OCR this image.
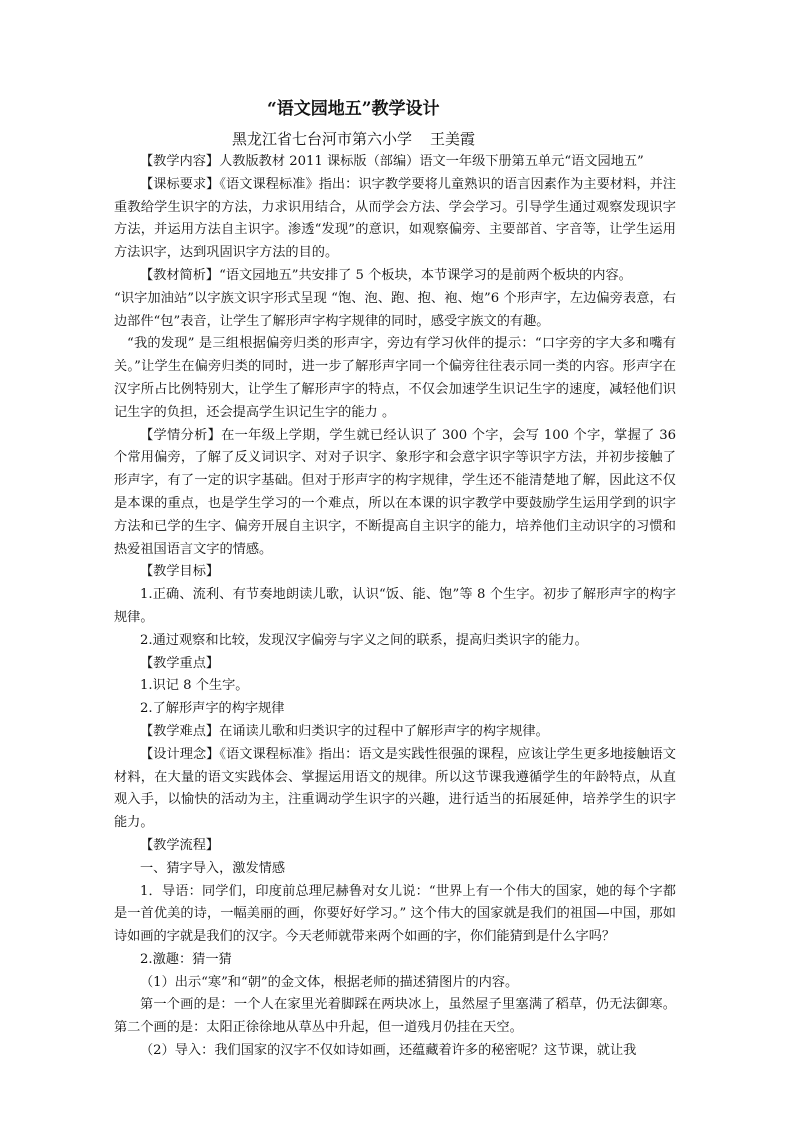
“语文园地五”教学设计
黑龙江省七台河市第六小学 王美霞

【教学内容】人教版教材 2011 课标版（部编）语文一年级下册第五单元“语文园地五”

【课标要求】《语文课程标准》指出：识字教学要将儿童熟识的语言因素作为主要材料，并注重教给学生识字的方法，力求识用结合，从而学会方法、学会学习。引导学生通过观察发现识字方法，并运用方法自主识字。渗透“发现”的意识，如观察偏旁、主要部首、字音等，让学生运用方法识字，达到巩固识字方法的目的。

【教材简析】“语文园地五”共安排了 5 个板块，本节课学习的是前两个板块的内容。

“识字加油站”以字族文识字形式呈现 “饱、泡、跑、抱、袍、炮”6 个形声字，左边偏旁表意，右边部件“包”表音，让学生了解形声字构字规律的同时，感受字族文的有趣。

“我的发现” 是三组根据偏旁归类的形声字，旁边有学习伙伴的提示：“口字旁的字大多和嘴有关。”让学生在偏旁归类的同时，进一步了解形声字同一个偏旁往往表示同一类的内容。形声字在汉字所占比例特别大，让学生了解形声字的特点，不仅会加速学生识记生字的速度，减轻他们识记生字的负担，还会提高学生识记生字的能力 。

【学情分析】在一年级上学期，学生就已经认识了 300 个字，会写 100 个字，掌握了 36 个常用偏旁，了解了反义词识字、对对子识字、象形字和会意字识字等识字方法，并初步接触了形声字，有了一定的识字基础。但对于形声字的构字规律，学生还不能清楚地了解，因此这不仅是本课的重点，也是学生学习的一个难点，所以在本课的识字教学中要鼓励学生运用学到的识字方法和已学的生字、偏旁开展自主识字，不断提高自主识字的能力，培养他们主动识字的习惯和热爱祖国语言文字的情感。

【教学目标】

1.正确、流利、有节奏地朗读儿歌，认识“饭、能、饱”等 8 个生字。初步了解形声字的构字规律。

2.通过观察和比较，发现汉字偏旁与字义之间的联系，提高归类识字的能力。

【教学重点】

1.识记 8 个生字。

2.了解形声字的构字规律

【教学难点】在诵读儿歌和归类识字的过程中了解形声字的构字规律。

【设计理念】《语文课程标准》指出：语文是实践性很强的课程，应该让学生更多地接触语文材料，在大量的语文实践体会、掌握运用语文的规律。所以这节课我遵循学生的年龄特点，从直观入手，以愉快的活动为主，注重调动学生识字的兴趣，进行适当的拓展延伸，培养学生的识字能力。

【教学流程】

一、猜字导入，激发情感

1．导语：同学们，印度前总理尼赫鲁对女儿说：“世界上有一个伟大的国家，她的每个字都是一首优美的诗，一幅美丽的画，你要好好学习。” 这个伟大的国家就是我们的祖国—中国，那如诗如画的字就是我们的汉字。今天老师就带来两个如画的字，你们能猜到是什么字吗？

2.激趣：猜一猜

（1）出示“寒”和“朝”的金文体，根据老师的描述猜图片的内容。

第一个画的是：一个人在家里光着脚踩在两块冰上，虽然屋子里塞满了稻草，仍无法御寒。第二个画的是：太阳正徐徐地从草丛中升起，但一道残月仍挂在天空。

（2）导入：我们国家的汉字不仅如诗如画，还蕴藏着许多的秘密呢？这节课，就让我
